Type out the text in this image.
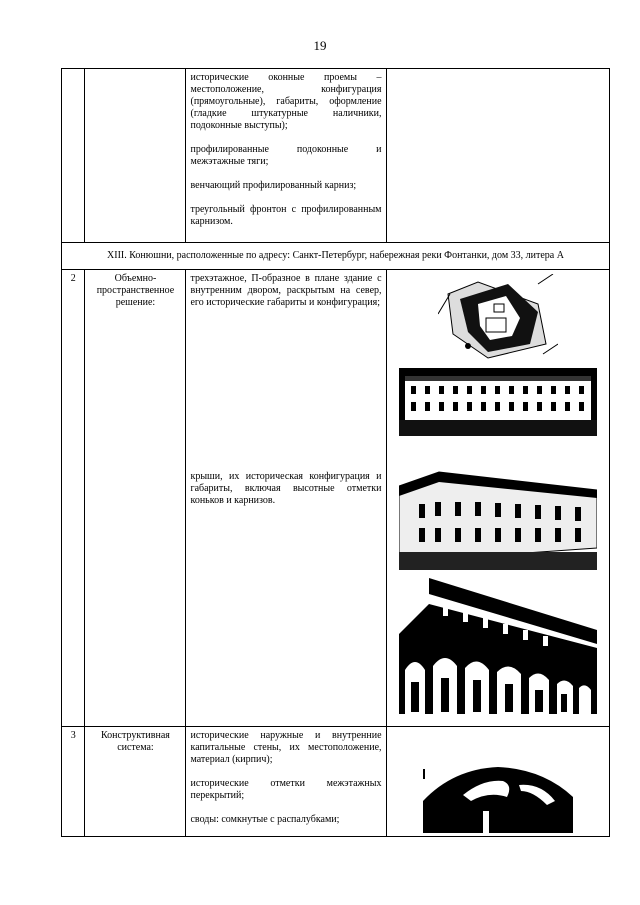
19

		исторические оконные проемы – местоположение, конфигурация (прямоугольные), габариты, оформление (гладкие штукатурные наличники, подоконные выступы);

профилированные подоконные и межэтажные тяги;

венчающий профилированный карниз;

треугольный фронтон с профилированным карнизом.	

XIII. Конюшни, расположенные по адресу: Санкт-Петербург, набережная реки Фонтанки, дом 33, литера А			
2	Объемно-пространственное решение:	трехэтажное, П-образное в плане здание с внутренним двором, раскрытым на север, его исторические габариты и конфигурация;

крыши, их историческая конфигурация и габариты, включая высотные отметки коньков и карнизов.

3	Конструктивная система:	исторические наружные и внутренние капитальные стены, их местоположение, материал (кирпич);

исторические отметки межэтажных перекрытий;

своды: сомкнутые с распалубками;
